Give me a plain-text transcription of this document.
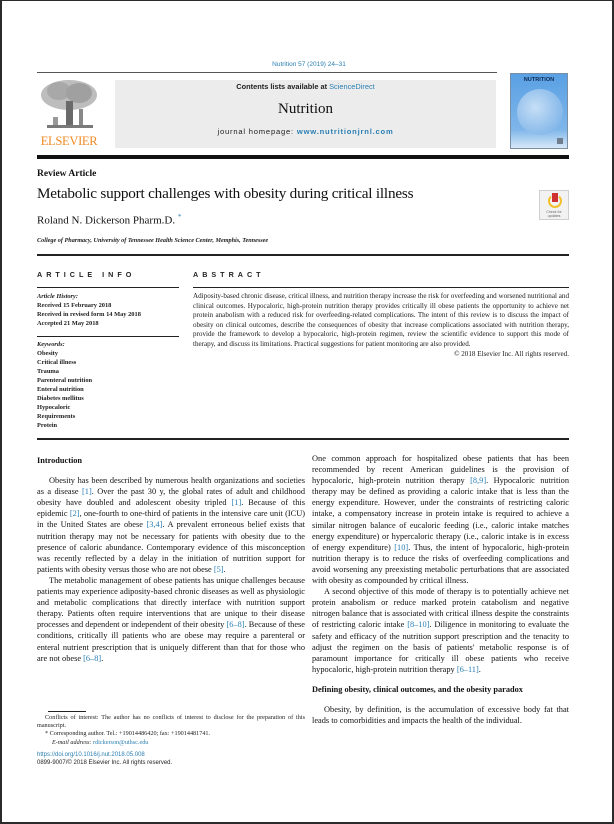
Nutrition 57 (2019) 24–31
ELSEVIER
Contents lists available at ScienceDirect
Nutrition
journal homepage: www.nutritionjrnl.com
NUTRITION
Review Article
Metabolic support challenges with obesity during critical illness
Roland N. Dickerson Pharm.D. *
College of Pharmacy, University of Tennessee Health Science Center, Memphis, Tennessee
Check for
updates
ARTICLE INFO	ABSTRACT
Article History:
Received 15 February 2018
Received in revised form 14 May 2018
Accepted 21 May 2018
Keywords:
Obesity
Critical illness
Trauma
Parenteral nutrition
Enteral nutrition
Diabetes mellitus
Hypocaloric
Requirements
Protein
Adiposity-based chronic disease, critical illness, and nutrition therapy increase the risk for overfeeding and worsened nutritional and clinical outcomes. Hypocaloric, high-protein nutrition therapy provides critically ill obese patients the opportunity to achieve net protein anabolism with a reduced risk for overfeeding-related complications. The intent of this review is to discuss the impact of obesity on clinical outcomes, describe the consequences of obesity that increase complications associated with nutrition therapy, provide the framework to develop a hypocaloric, high-protein regimen, review the scientific evidence to support this mode of therapy, and discuss its limitations. Practical suggestions for patient monitoring are also provided.
© 2018 Elsevier Inc. All rights reserved.
Introduction

Obesity has been described by numerous health organizations and societies as a disease [1]. Over the past 30 y, the global rates of adult and childhood obesity have doubled and adolescent obesity tripled [1]. Because of this epidemic [2], one-fourth to one-third of patients in the intensive care unit (ICU) in the United States are obese [3,4]. A prevalent erroneous belief exists that nutrition therapy may not be necessary for patients with obesity due to the presence of caloric abundance. Contemporary evidence of this misconception was recently reflected by a delay in the initiation of nutrition support for patients with obesity versus those who are not obese [5].

The metabolic management of obese patients has unique challenges because patients may experience adiposity-based chronic diseases as well as physiologic and metabolic complications that directly interface with nutrition support therapy. Patients often require interventions that are unique to their disease processes and dependent or independent of their obesity [6–8]. Because of these conditions, critically ill patients who are obese may require a parenteral or enteral nutrient prescription that is uniquely different than that for those who are not obese [6–8].

One common approach for hospitalized obese patients that has been recommended by recent American guidelines is the provision of hypocaloric, high-protein nutrition therapy [8,9]. Hypocaloric nutrition therapy may be defined as providing a caloric intake that is less than the energy expenditure. However, under the constraints of restricting caloric intake, a compensatory increase in protein intake is required to achieve a similar nitrogen balance of eucaloric feeding (i.e., caloric intake matches energy expenditure) or hypercaloric therapy (i.e., caloric intake is in excess of energy expenditure) [10]. Thus, the intent of hypocaloric, high-protein nutrition therapy is to reduce the risks of overfeeding complications and avoid worsening any preexisting metabolic perturbations that are associated with obesity as compounded by critical illness.

A second objective of this mode of therapy is to potentially achieve net protein anabolism or reduce marked protein catabolism and negative nitrogen balance that is associated with critical illness despite the constraints of restricting caloric intake [8–10]. Diligence in monitoring to evaluate the safety and efficacy of the nutrition support prescription and the tenacity to adjust the regimen on the basis of patients' metabolic response is of paramount importance for critically ill obese patients who receive hypocaloric, high-protein nutrition therapy [6–11].

Defining obesity, clinical outcomes, and the obesity paradox

Obesity, by definition, is the accumulation of excessive body fat that leads to comorbidities and impacts the health of the individual.

Conflicts of interest: The author has no conflicts of interest to disclose for the preparation of this manuscript.
* Corresponding author. Tel.: +19014486420; fax: +19014481741.
E-mail address: rdickerson@uthsc.edu
https://doi.org/10.1016/j.nut.2018.05.008
0899-9007/© 2018 Elsevier Inc. All rights reserved.
